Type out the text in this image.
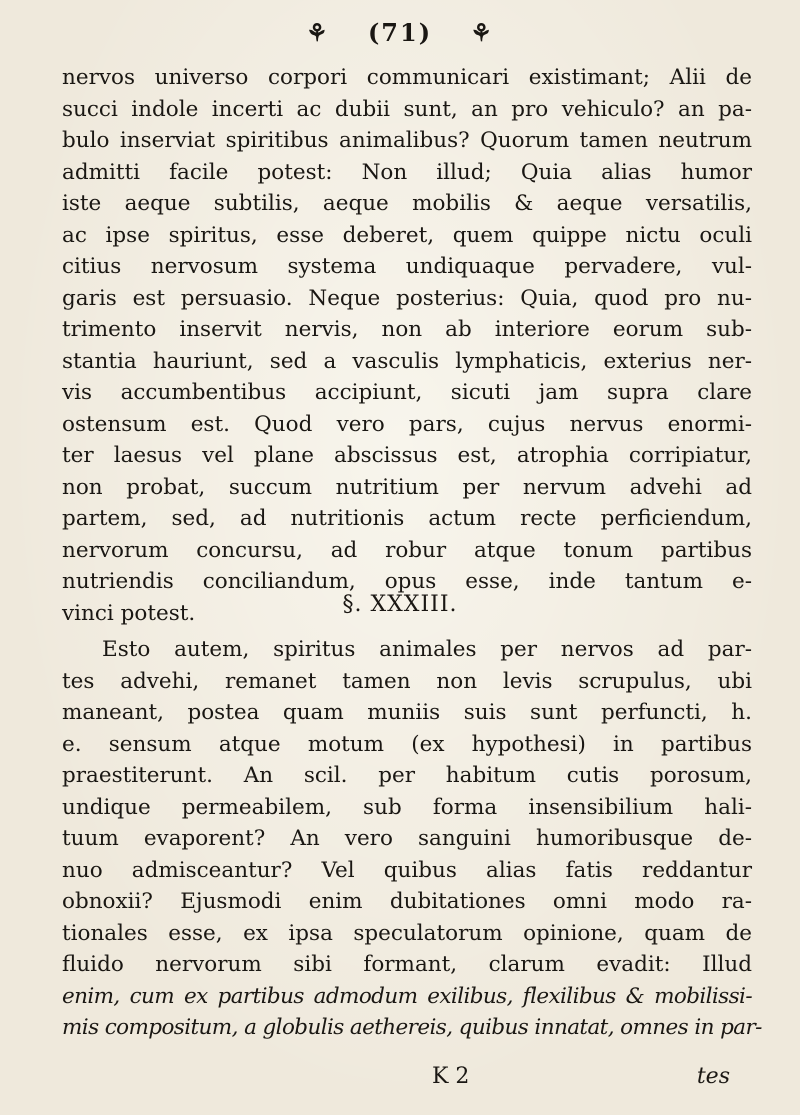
⚘ (71) ⚘
nervos universo corpori communicari existimant; Alii de
succi indole incerti ac dubii sunt, an pro vehiculo? an pa-
bulo inserviat spiritibus animalibus? Quorum tamen neutrum
admitti facile potest: Non illud; Quia alias humor
iste aeque subtilis, aeque mobilis & aeque versatilis,
ac ipse spiritus, esse deberet, quem quippe nictu oculi
citius nervosum systema undiquaque pervadere, vul-
garis est persuasio. Neque posterius: Quia, quod pro nu-
trimento inservit nervis, non ab interiore eorum sub-
stantia hauriunt, sed a vasculis lymphaticis, exterius ner-
vis accumbentibus accipiunt, sicuti jam supra clare
ostensum est. Quod vero pars, cujus nervus enormi-
ter laesus vel plane abscissus est, atrophia corripiatur,
non probat, succum nutritium per nervum advehi ad
partem, sed, ad nutritionis actum recte perficiendum,
nervorum concursu, ad robur atque tonum partibus
nutriendis conciliandum, opus esse, inde tantum e-
vinci potest.	§. XXXIII.
Esto autem, spiritus animales per nervos ad par-
tes advehi, remanet tamen non levis scrupulus, ubi
maneant, postea quam muniis suis sunt perfuncti, h.
e. sensum atque motum (ex hypothesi) in partibus
praestiterunt. An scil. per habitum cutis porosum,
undique permeabilem, sub forma insensibilium hali-
tuum evaporent? An vero sanguini humoribusque de-
nuo admisceantur? Vel quibus alias fatis reddantur
obnoxii? Ejusmodi enim dubitationes omni modo ra-
tionales esse, ex ipsa speculatorum opinione, quam de
fluido nervorum sibi formant, clarum evadit: Illud
enim, cum ex partibus admodum exilibus, flexilibus & mobilissi-
mis compositum, a globulis aethereis, quibus innatat, omnes in par-
K 2	tes
